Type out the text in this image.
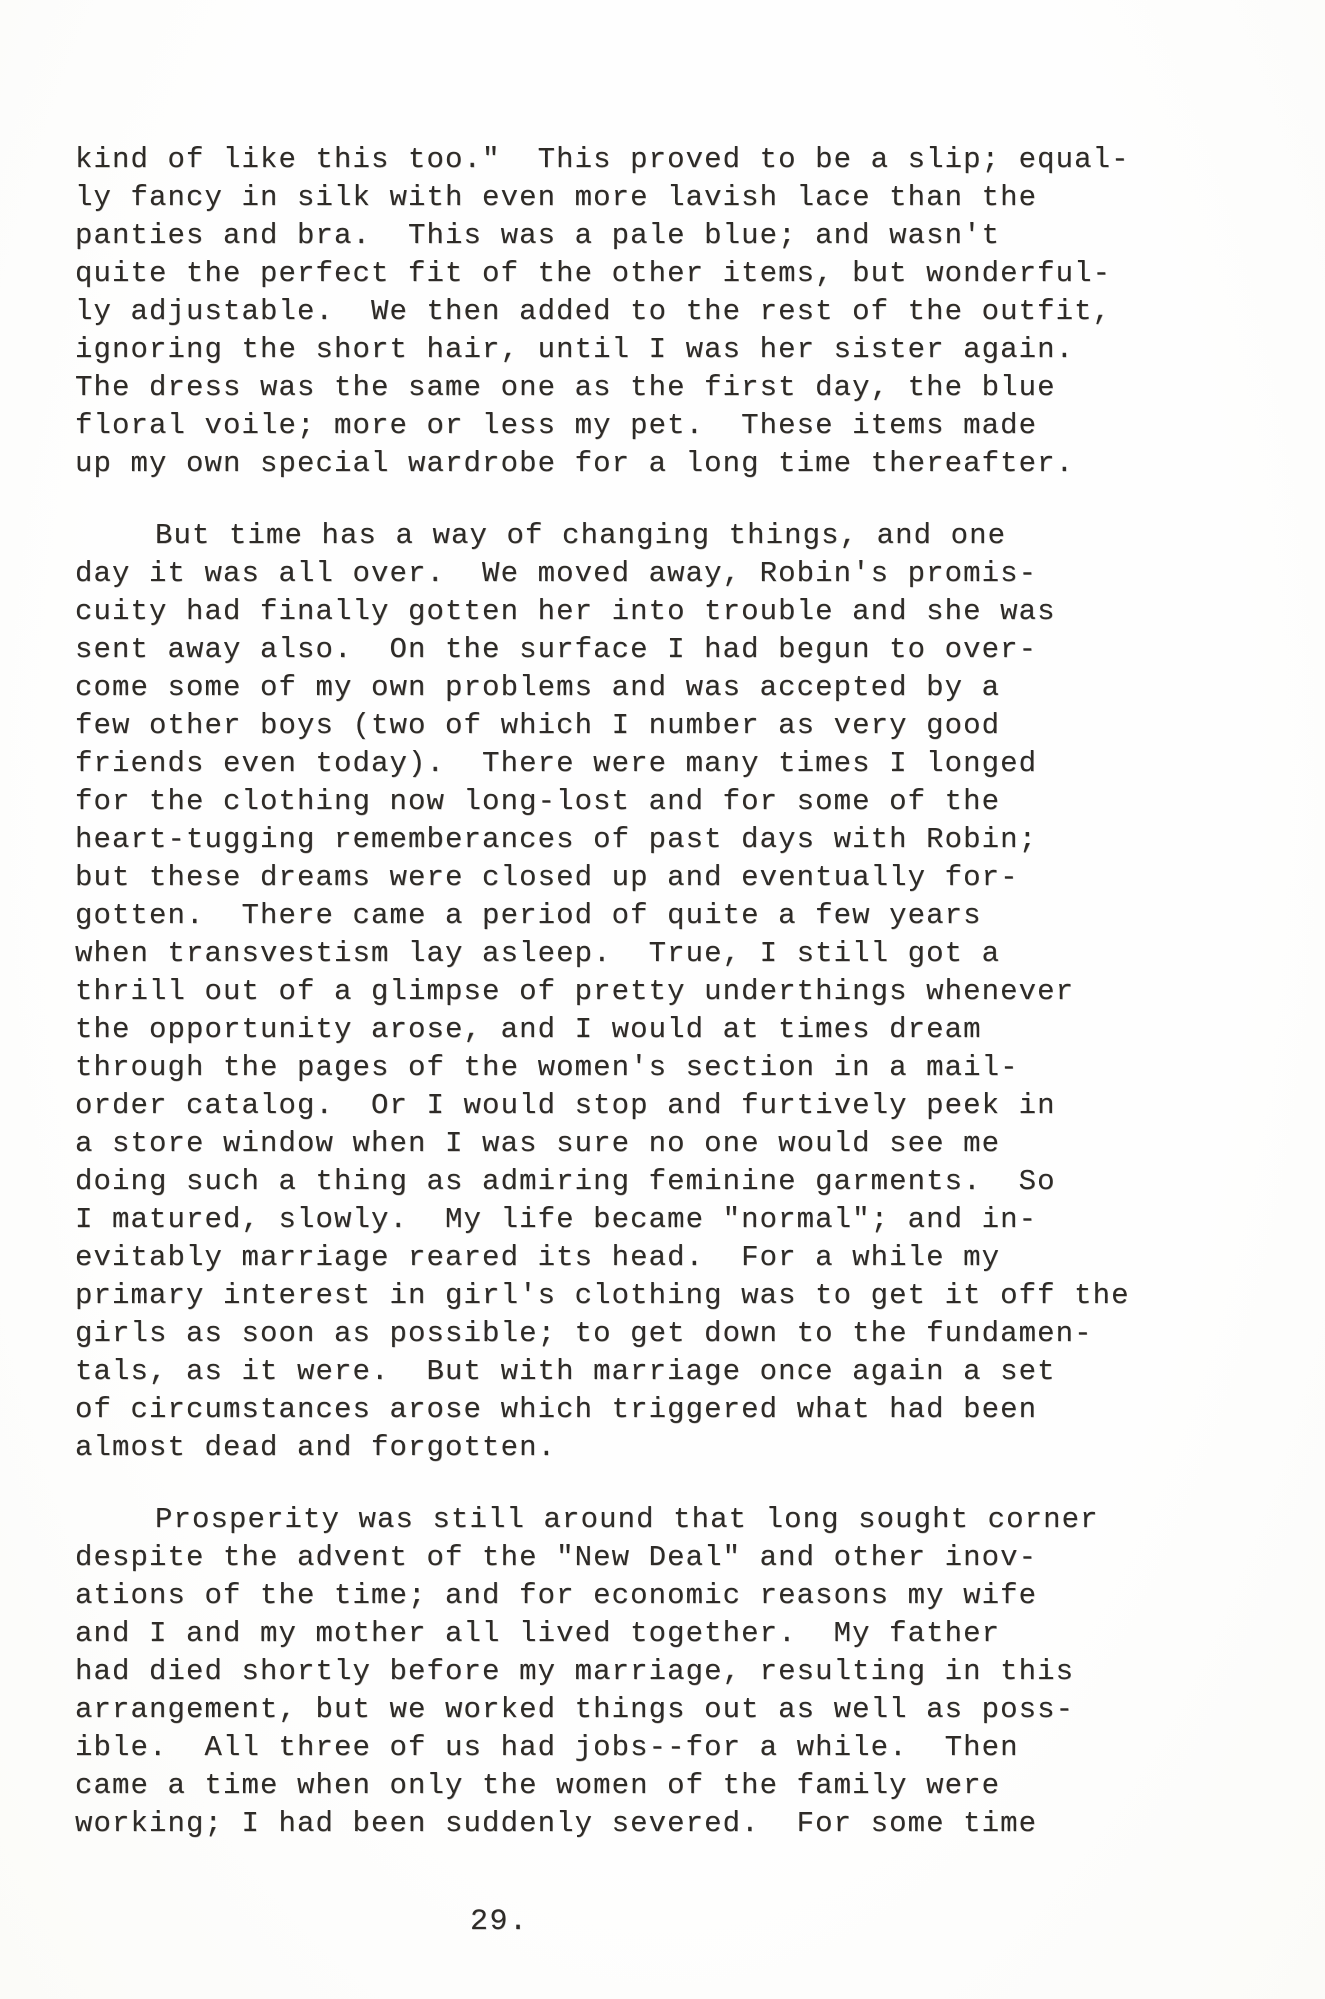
kind of like this too."  This proved to be a slip; equal-
ly fancy in silk with even more lavish lace than the
panties and bra.  This was a pale blue; and wasn't
quite the perfect fit of the other items, but wonderful-
ly adjustable.  We then added to the rest of the outfit,
ignoring the short hair, until I was her sister again.
The dress was the same one as the first day, the blue
floral voile; more or less my pet.  These items made
up my own special wardrobe for a long time thereafter.
But time has a way of changing things, and one
day it was all over.  We moved away, Robin's promis-
cuity had finally gotten her into trouble and she was
sent away also.  On the surface I had begun to over-
come some of my own problems and was accepted by a
few other boys (two of which I number as very good
friends even today).  There were many times I longed
for the clothing now long-lost and for some of the
heart-tugging rememberances of past days with Robin;
but these dreams were closed up and eventually for-
gotten.  There came a period of quite a few years
when transvestism lay asleep.  True, I still got a
thrill out of a glimpse of pretty underthings whenever
the opportunity arose, and I would at times dream
through the pages of the women's section in a mail-
order catalog.  Or I would stop and furtively peek in
a store window when I was sure no one would see me
doing such a thing as admiring feminine garments.  So
I matured, slowly.  My life became "normal"; and in-
evitably marriage reared its head.  For a while my
primary interest in girl's clothing was to get it off the
girls as soon as possible; to get down to the fundamen-
tals, as it were.  But with marriage once again a set
of circumstances arose which triggered what had been
almost dead and forgotten.
Prosperity was still around that long sought corner
despite the advent of the "New Deal" and other inov-
ations of the time; and for economic reasons my wife
and I and my mother all lived together.  My father
had died shortly before my marriage, resulting in this
arrangement, but we worked things out as well as poss-
ible.  All three of us had jobs--for a while.  Then
came a time when only the women of the family were
working; I had been suddenly severed.  For some time
29.
